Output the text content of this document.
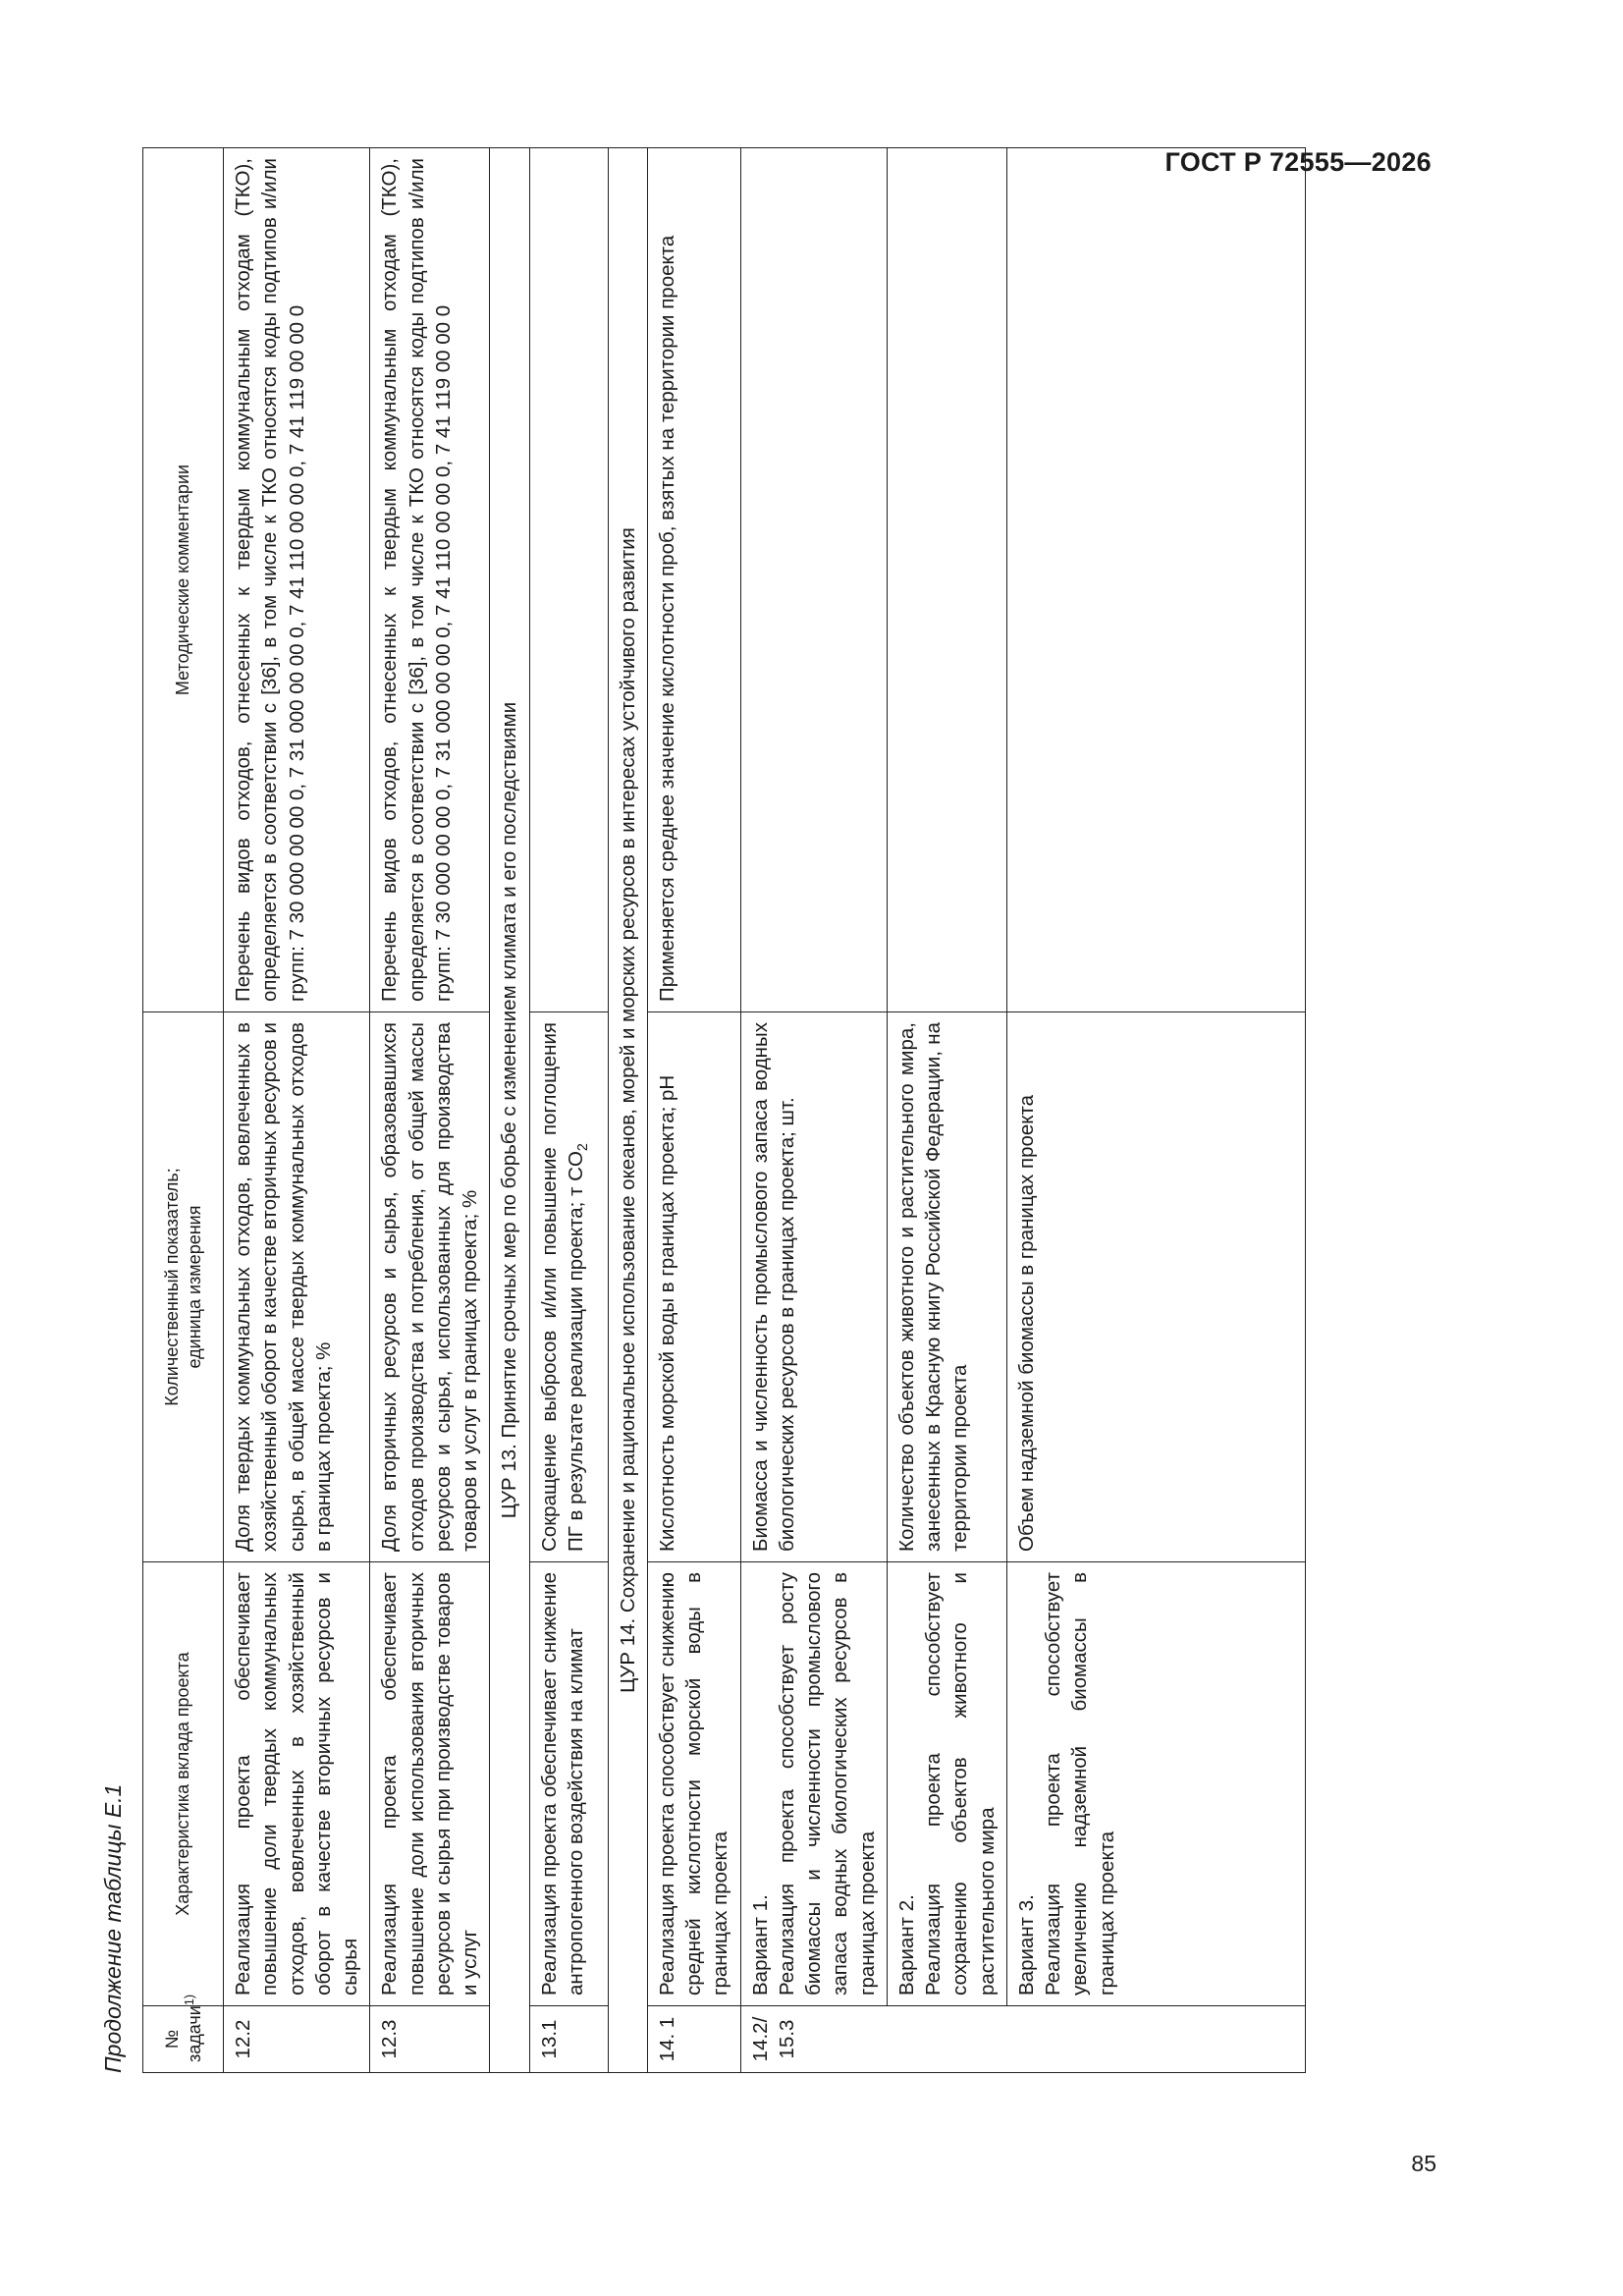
ГОСТ Р 72555—2026
85
Продолжение таблицы Е.1 № задачи$^{1)}$	Характеристика вклада проекта	Количественный показатель; единица измерения	Методические комментарии
12.2	Реализация проекта обеспечивает повышение доли твердых коммунальных отходов, вовлеченных в хозяйственный оборот в качестве вторичных ресурсов и сырья	Доля твердых коммунальных отходов, вовлеченных в хозяйственный оборот в качестве вторичных ресурсов и сырья, в общей массе твердых коммунальных отходов в границах проекта; %	Перечень видов отходов, отнесенных к твердым коммунальным отходам (ТКО), определяется в соответствии с [36], в том числе к ТКО относятся коды подтипов и/или групп: 7 30 000 00 00 0, 7 31 000 00 00 0, 7 41 110 00 00 0, 7 41 119 00 00 0
12.3	Реализация проекта обеспечивает повышение доли использования вторичных ресурсов и сырья при производстве товаров и услуг	Доля вторичных ресурсов и сырья, образовавшихся отходов производства и потребления, от общей массы ресурсов и сырья, использованных для производства товаров и услуг в границах проекта; %	Перечень видов отходов, отнесенных к твердым коммунальным отходам (ТКО), определяется в соответствии с [36], в том числе к ТКО относятся коды подтипов и/или групп: 7 30 000 00 00 0, 7 31 000 00 00 0, 7 41 110 00 00 0, 7 41 119 00 00 0
ЦУР 13. Принятие срочных мер по борьбе с изменением климата и его последствиями			
13.1	Реализация проекта обеспечивает снижение антропогенного воздействия на климат	Сокращение выбросов и/или повышение поглощения ПГ в результате реализации проекта; т $CO_2$	
ЦУР 14. Сохранение и рациональное использование океанов, морей и морских ресурсов в интересах устойчивого развития			
14. 1	Реализация проекта способствует снижению средней кислотности морской воды в границах проекта	Кислотность морской воды в границах проекта; pH	Применяется среднее значение кислотности проб, взятых на территории проекта
14.2/ 15.3	Вариант 1. Реализация проекта способствует росту биомассы и численности промыслового запаса водных биологических ресурсов в границах проекта	Биомасса и численность промыслового запаса водных биологических ресурсов в границах проекта; шт.	
	Вариант 2. Реализация проекта способствует сохранению объектов животного и растительного мира	Количество объектов животного и растительного мира, занесенных в Красную книгу Российской Федерации, на территории проекта	
	Вариант 3. Реализация проекта способствует увеличению надземной биомассы в границах проекта	Объем надземной биомассы в границах проекта	
